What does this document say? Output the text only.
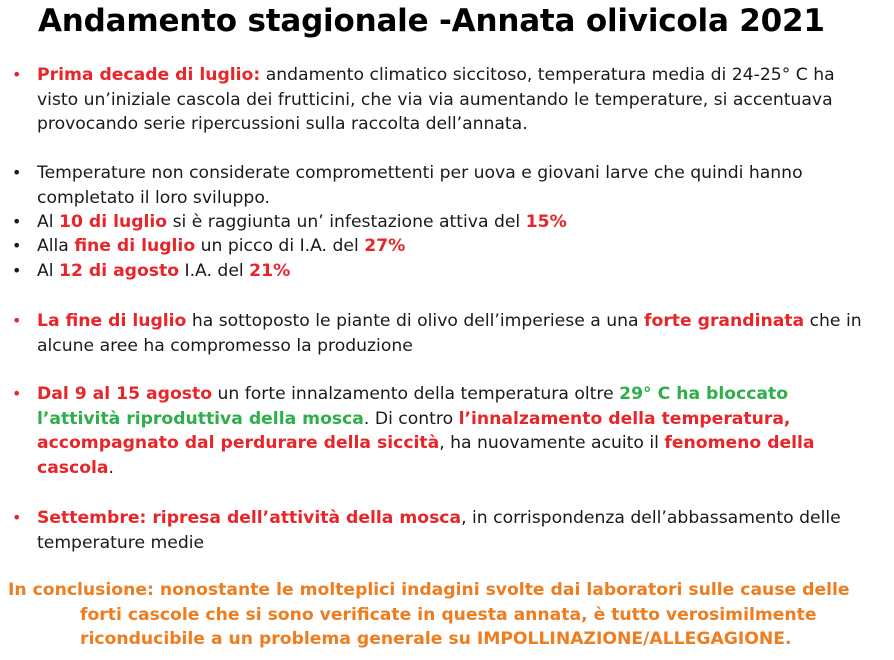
Andamento stagionale -Annata olivicola 2021
• Prima decade di luglio: andamento climatico siccitoso, temperatura media di 24-25° C ha visto un’iniziale cascola dei frutticini, che via via aumentando le temperature, si accentuava provocando serie ripercussioni sulla raccolta dell’annata.
• Temperature non considerate compromettenti per uova e giovani larve che quindi hanno completato il loro sviluppo.
• Al 10 di luglio si è raggiunta un’ infestazione attiva del 15%
• Alla fine di luglio un picco di I.A. del 27%
• Al 12 di agosto I.A. del 21%
• La fine di luglio ha sottoposto le piante di olivo dell’imperiese a una forte grandinata che in alcune aree ha compromesso la produzione
• Dal 9 al 15 agosto un forte innalzamento della temperatura oltre 29° C ha bloccato l’attività riproduttiva della mosca. Di contro l’innalzamento della temperatura, accompagnato dal perdurare della siccità, ha nuovamente acuito il fenomeno della cascola.
• Settembre: ripresa dell’attività della mosca, in corrispondenza dell’abbassamento delle temperature medie
In conclusione: nonostante le molteplici indagini svolte dai laboratori sulle cause delle
forti cascole che si sono verificate in questa annata, è tutto verosimilmente
riconducibile a un problema generale su IMPOLLINAZIONE/ALLEGAGIONE.
